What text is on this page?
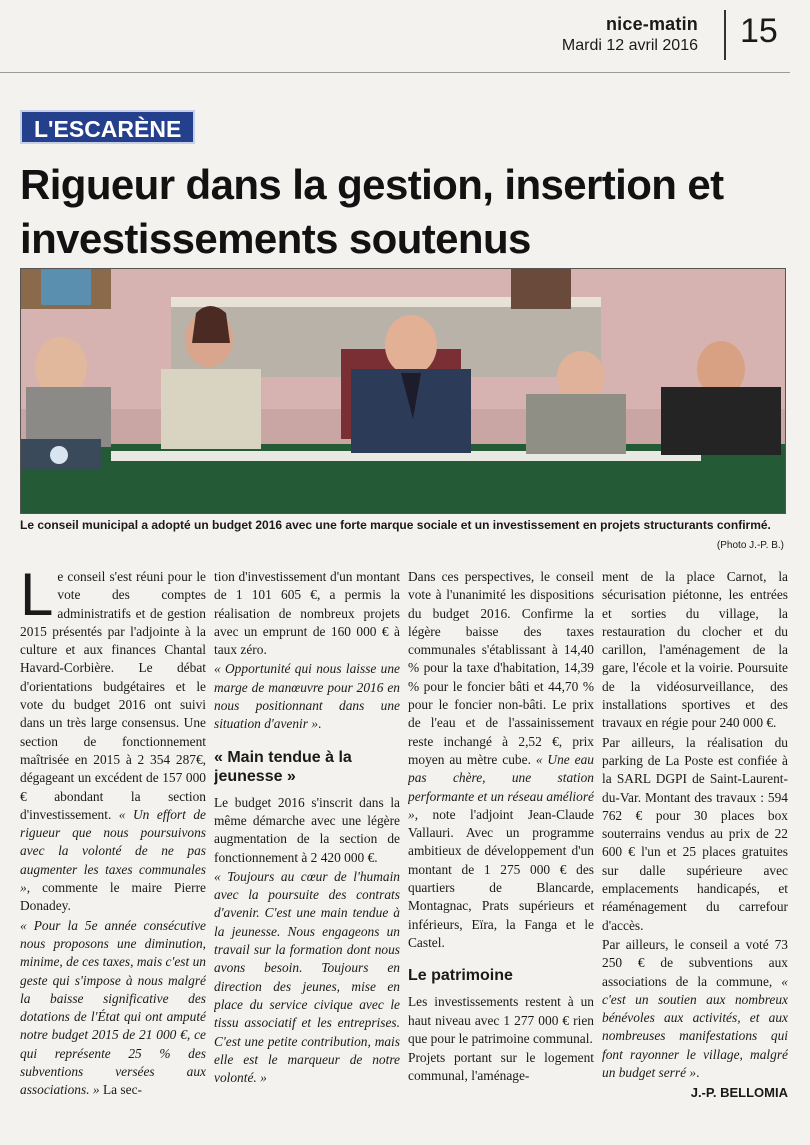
nice-matin
Mardi 12 avril 2016 15
L'ESCARÈNE
Rigueur dans la gestion, insertion et investissements soutenus
Le conseil municipal a adopté un budget 2016 avec une forte marque sociale et un investissement en projets structurants confirmé.
(Photo J.-P. B.)

Le conseil s'est réuni pour le vote des comptes administratifs et de gestion 2015 présentés par l'adjointe à la culture et aux finances Chantal Havard-Corbière. Le débat d'orientations budgétaires et le vote du budget 2016 ont suivi dans un très large consensus. Une section de fonctionnement maîtrisée en 2015 à 2 354 287€, dégageant un excédent de 157 000 € abondant la section d'investissement. « Un effort de rigueur que nous poursuivons avec la volonté de ne pas augmenter les taxes communales », commente le maire Pierre Donadey.

« Pour la 5e année consécutive nous proposons une diminution, minime, de ces taxes, mais c'est un geste qui s'impose à nous malgré la baisse significative des dotations de l'État qui ont amputé notre budget 2015 de 21 000 €, ce qui représente 25 % des subventions versées aux associations. » La sec-

tion d'investissement d'un montant de 1 101 605 €, a permis la réalisation de nombreux projets avec un emprunt de 160 000 € à taux zéro.

« Opportunité qui nous laisse une marge de manœuvre pour 2016 en nous positionnant dans une situation d'avenir ».

« Main tendue à la jeunesse »

Le budget 2016 s'inscrit dans la même démarche avec une légère augmentation de la section de fonctionnement à 2 420 000 €.

« Toujours au cœur de l'humain avec la poursuite des contrats d'avenir. C'est une main tendue à la jeunesse. Nous engageons un travail sur la formation dont nous avons besoin. Toujours en direction des jeunes, mise en place du service civique avec le tissu associatif et les entreprises. C'est une petite contribution, mais elle est le marqueur de notre volonté. »

Dans ces perspectives, le conseil vote à l'unanimité les dispositions du budget 2016. Confirme la légère baisse des taxes communales s'établissant à 14,40 % pour la taxe d'habitation, 14,39 % pour le foncier bâti et 44,70 % pour le foncier non-bâti. Le prix de l'eau et de l'assainissement reste inchangé à 2,52 €, prix moyen au mètre cube. « Une eau pas chère, une station performante et un réseau amélioré », note l'adjoint Jean-Claude Vallauri. Avec un programme ambitieux de développement d'un montant de 1 275 000 € des quartiers de Blancarde, Montagnac, Prats supérieurs et inférieurs, Eïra, la Fanga et le Castel.

Le patrimoine

Les investissements restent à un haut niveau avec 1 277 000 € rien que pour le patrimoine communal.

Projets portant sur le logement communal, l'aménage-

ment de la place Carnot, la sécurisation piétonne, les entrées et sorties du village, la restauration du clocher et du carillon, l'aménagement de la gare, l'école et la voirie. Poursuite de la vidéosurveillance, des installations sportives et des travaux en régie pour 240 000 €.

Par ailleurs, la réalisation du parking de La Poste est confiée à la SARL DGPI de Saint-Laurent-du-Var. Montant des travaux : 594 762 € pour 30 places box souterrains vendus au prix de 22 600 € l'un et 25 places gratuites sur dalle supérieure avec emplacements handicapés, et réaménagement du carrefour d'accès.

Par ailleurs, le conseil a voté 73 250 € de subventions aux associations de la commune, « c'est un soutien aux nombreux bénévoles aux activités, et aux nombreuses manifestations qui font rayonner le village, malgré un budget serré ».

J.-P. BELLOMIA
